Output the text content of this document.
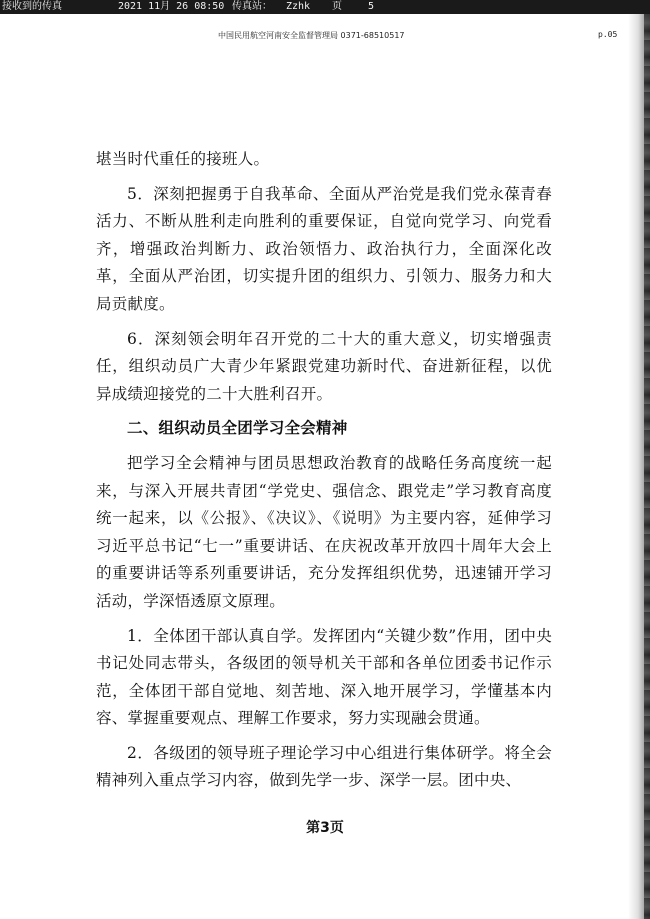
接收到的传真	2021 11月 26 08:50 传真站： Zzhk 页	5
中国民用航空河南安全监督管理局 0371-68510517	p.05

堪当时代重任的接班人。

5．深刻把握勇于自我革命、全面从严治党是我们党永葆青春活力、不断从胜利走向胜利的重要保证，自觉向党学习、向党看齐，增强政治判断力、政治领悟力、政治执行力，全面深化改革，全面从严治团，切实提升团的组织力、引领力、服务力和大局贡献度。

6．深刻领会明年召开党的二十大的重大意义，切实增强责任，组织动员广大青少年紧跟党建功新时代、奋进新征程，以优异成绩迎接党的二十大胜利召开。

二、组织动员全团学习全会精神

把学习全会精神与团员思想政治教育的战略任务高度统一起来，与深入开展共青团“学党史、强信念、跟党走”学习教育高度统一起来，以《公报》、《决议》、《说明》为主要内容，延伸学习习近平总书记“七一”重要讲话、在庆祝改革开放四十周年大会上的重要讲话等系列重要讲话，充分发挥组织优势，迅速铺开学习活动，学深悟透原文原理。

1．全体团干部认真自学。发挥团内“关键少数”作用，团中央书记处同志带头，各级团的领导机关干部和各单位团委书记作示范，全体团干部自觉地、刻苦地、深入地开展学习，学懂基本内容、掌握重要观点、理解工作要求，努力实现融会贯通。

2．各级团的领导班子理论学习中心组进行集体研学。将全会精神列入重点学习内容，做到先学一步、深学一层。团中央、

第3页
